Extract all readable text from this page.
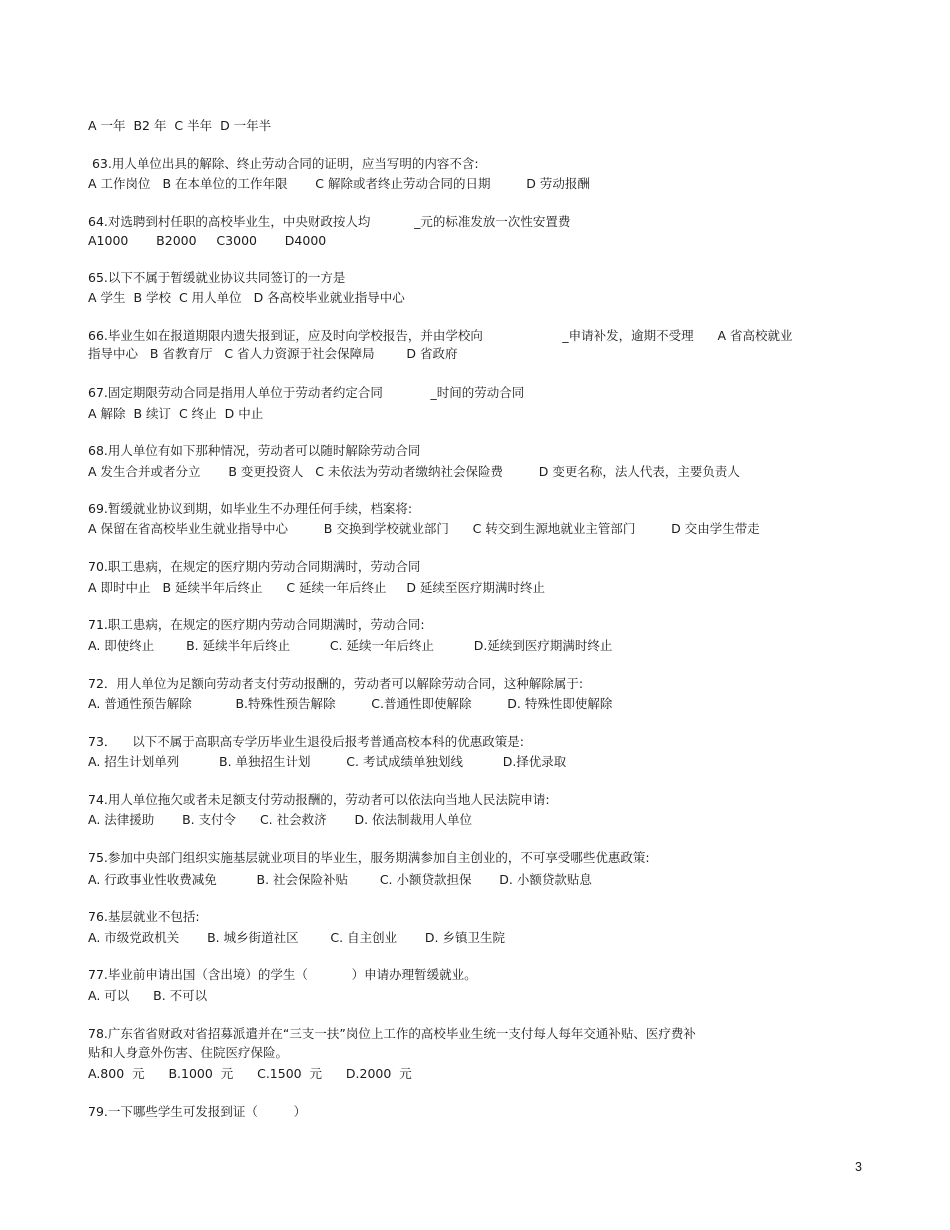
A 一年  B2 年  C 半年  D 一年半
63.用人单位出具的解除、终止劳动合同的证明，应当写明的内容不含:
A 工作岗位   B 在本单位的工作年限       C 解除或者终止劳动合同的日期         D 劳动报酬
64.对选聘到村任职的高校毕业生，中央财政按人均           _元的标准发放一次性安置费
A1000       B2000     C3000       D4000
65.以下不属于暂缓就业协议共同签订的一方是
A 学生  B 学校  C 用人单位   D 各高校毕业就业指导中心
66.毕业生如在报道期限内遗失报到证，应及时向学校报告，并由学校向                    _申请补发，逾期不受理      A 省高校就业
指导中心   B 省教育厅   C 省人力资源于社会保障局        D 省政府
67.固定期限劳动合同是指用人单位于劳动者约定合同            _时间的劳动合同
A 解除  B 续订  C 终止  D 中止
68.用人单位有如下那种情况，劳动者可以随时解除劳动合同
A 发生合并或者分立       B 变更投资人   C 未依法为劳动者缴纳社会保险费         D 变更名称，法人代表，主要负责人
69.暂缓就业协议到期，如毕业生不办理任何手续，档案将:
A 保留在省高校毕业生就业指导中心         B 交换到学校就业部门      C 转交到生源地就业主管部门         D 交由学生带走
70.职工患病，在规定的医疗期内劳动合同期满时，劳动合同
A 即时中止   B 延续半年后终止      C 延续一年后终止     D 延续至医疗期满时终止
71.职工患病，在规定的医疗期内劳动合同期满时，劳动合同:
A. 即使终止        B. 延续半年后终止          C. 延续一年后终止          D.延续到医疗期满时终止
72．用人单位为足额向劳动者支付劳动报酬的，劳动者可以解除劳动合同，这种解除属于:
A. 普通性预告解除           B.特殊性预告解除         C.普通性即使解除         D. 特殊性即使解除
73．    以下不属于高职高专学历毕业生退役后报考普通高校本科的优惠政策是:
A. 招生计划单列          B. 单独招生计划         C. 考试成绩单独划线          D.择优录取
74.用人单位拖欠或者未足额支付劳动报酬的，劳动者可以依法向当地人民法院申请:
A. 法律援助       B. 支付令      C. 社会救济       D. 依法制裁用人单位
75.参加中央部门组织实施基层就业项目的毕业生，服务期满参加自主创业的，不可享受哪些优惠政策:
A. 行政事业性收费减免          B. 社会保险补贴        C. 小额贷款担保       D. 小额贷款贴息
76.基层就业不包括:
A. 市级党政机关       B. 城乡街道社区        C. 自主创业       D. 乡镇卫生院
77.毕业前申请出国（含出境）的学生（           ）申请办理暂缓就业。
A. 可以      B. 不可以
78.广东省省财政对省招募派遣并在“三支一扶”岗位上工作的高校毕业生统一支付每人每年交通补贴、医疗费补
贴和人身意外伤害、住院医疗保险。
A.800  元      B.1000  元      C.1500  元      D.2000  元
79.一下哪些学生可发报到证（         ）
3
